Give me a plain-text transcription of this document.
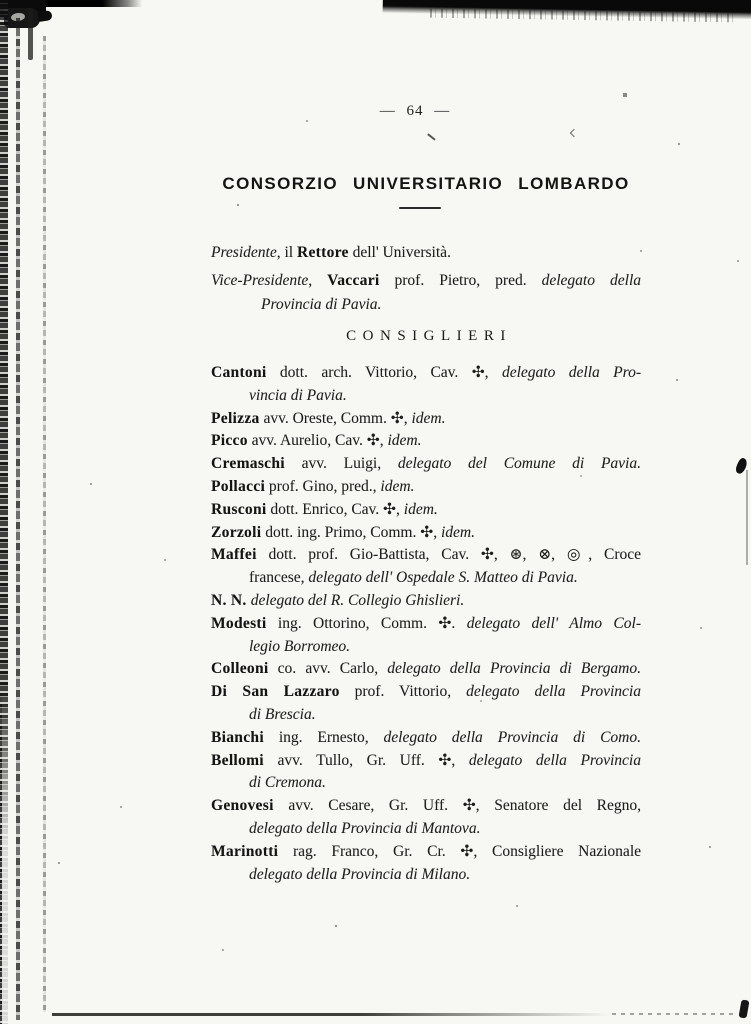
— 64 —
CONSORZIO UNIVERSITARIO LOMBARDO
Presidente, il Rettore dell' Università.
Vice-Presidente, Vaccari prof. Pietro, pred. delegato della
Provincia di Pavia.
CONSIGLIERI
Cantoni dott. arch. Vittorio, Cav. ✣, delegato della Pro-
vincia di Pavia.
Pelizza avv. Oreste, Comm. ✣, idem.
Picco avv. Aurelio, Cav. ✣, idem.
Cremaschi avv. Luigi, delegato del Comune di Pavia.
Pollacci prof. Gino, pred., idem.
Rusconi dott. Enrico, Cav. ✣, idem.
Zorzoli dott. ing. Primo, Comm. ✣, idem.
Maffei dott. prof. Gio-Battista, Cav. ✣, ⊛, ⊗, ◎, Croce
francese, delegato dell' Ospedale S. Matteo di Pavia.
N. N. delegato del R. Collegio Ghislieri.
Modesti ing. Ottorino, Comm. ✣. delegato dell' Almo Col-
legio Borromeo.
Colleoni co. avv. Carlo, delegato della Provincia di Bergamo.
Di San Lazzaro prof. Vittorio, delegato della Provincia
di Brescia.
Bianchi ing. Ernesto, delegato della Provincia di Como.
Bellomi avv. Tullo, Gr. Uff. ✣, delegato della Provincia
di Cremona.
Genovesi avv. Cesare, Gr. Uff. ✣, Senatore del Regno,
delegato della Provincia di Mantova.
Marinotti rag. Franco, Gr. Cr. ✣, Consigliere Nazionale
delegato della Provincia di Milano.
